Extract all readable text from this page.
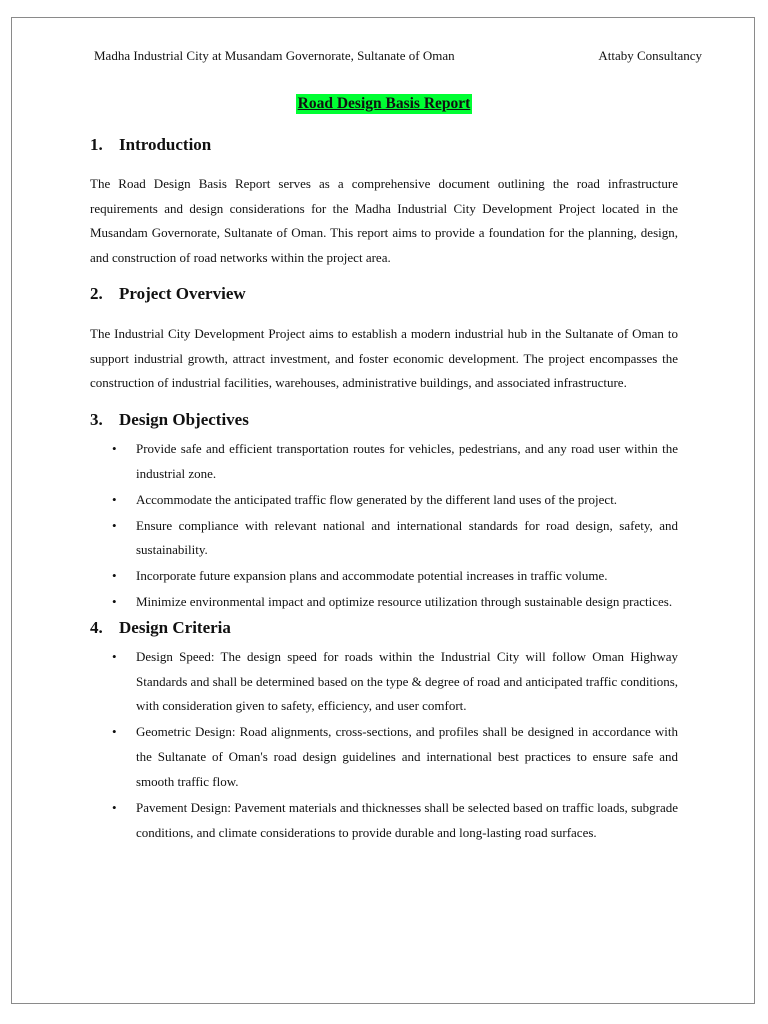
Madha Industrial City at Musandam Governorate, Sultanate of Oman	Attaby Consultancy
Road Design Basis Report
1. Introduction

The Road Design Basis Report serves as a comprehensive document outlining the road infrastructure requirements and design considerations for the Madha Industrial City Development Project located in the Musandam Governorate, Sultanate of Oman. This report aims to provide a foundation for the planning, design, and construction of road networks within the project area.

2. Project Overview

The Industrial City Development Project aims to establish a modern industrial hub in the Sultanate of Oman to support industrial growth, attract investment, and foster economic development. The project encompasses the construction of industrial facilities, warehouses, administrative buildings, and associated infrastructure.

3. Design Objectives
• Provide safe and efficient transportation routes for vehicles, pedestrians, and any road user within the industrial zone.
• Accommodate the anticipated traffic flow generated by the different land uses of the project.
• Ensure compliance with relevant national and international standards for road design, safety, and sustainability.
• Incorporate future expansion plans and accommodate potential increases in traffic volume.
• Minimize environmental impact and optimize resource utilization through sustainable design practices.
4. Design Criteria
• Design Speed: The design speed for roads within the Industrial City will follow Oman Highway Standards and shall be determined based on the type & degree of road and anticipated traffic conditions, with consideration given to safety, efficiency, and user comfort.
• Geometric Design: Road alignments, cross-sections, and profiles shall be designed in accordance with the Sultanate of Oman's road design guidelines and international best practices to ensure safe and smooth traffic flow.
• Pavement Design: Pavement materials and thicknesses shall be selected based on traffic loads, subgrade conditions, and climate considerations to provide durable and long-lasting road surfaces.
